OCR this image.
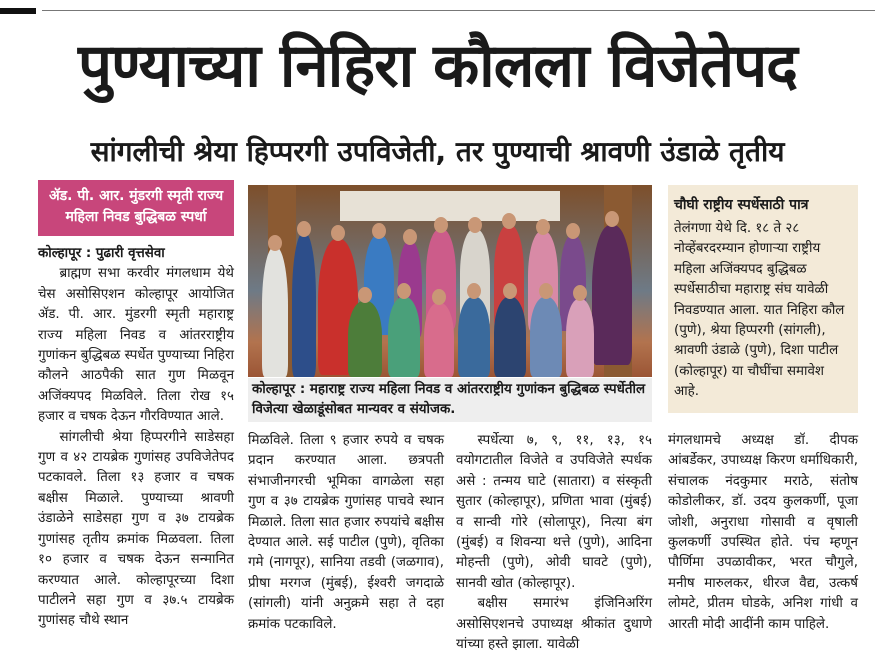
पुण्याच्या निहिरा कौलला विजेतेपद
सांगलीची श्रेया हिप्परगी उपविजेती, तर पुण्याची श्रावणी उंडाळे तृतीय
ॲड. पी. आर. मुंडरगी स्मृती राज्य
महिला निवड बुद्धिबळ स्पर्धा

कोल्हापूर : पुढारी वृत्तसेवा

ब्राह्मण सभा करवीर मंगलधाम येथे चेस असोसिएशन कोल्हापूर आयोजित ॲड. पी. आर. मुंडरगी स्मृती महाराष्ट्र राज्य महिला निवड व आंतरराष्ट्रीय गुणांकन बुद्धिबळ स्पर्धेत पुण्याच्या निहिरा कौलने आठपैकी सात गुण मिळवून अजिंक्यपद मिळविले. तिला रोख १५ हजार व चषक देऊन गौरविण्यात आले.

सांगलीची श्रेया हिप्परगीने साडेसहा गुण व ४२ टायब्रेक गुणांसह उपविजेतेपद पटकावले. तिला १३ हजार व चषक बक्षीस मिळाले. पुण्याच्या श्रावणी उंडाळेने साडेसहा गुण व ३७ टायब्रेक गुणांसह तृतीय क्रमांक मिळवला. तिला १० हजार व चषक देऊन सन्मानित करण्यात आले. कोल्हापूरच्या दिशा पाटीलने सहा गुण व ३७.५ टायब्रेक गुणांसह चौथे स्थान

कोल्हापूर : महाराष्ट्र राज्य महिला निवड व आंतरराष्ट्रीय गुणांकन बुद्धिबळ स्पर्धेतील विजेत्या खेळाडूंसोबत मान्यवर व संयोजक.
चौघी राष्ट्रीय स्पर्धेसाठी पात्र

तेलंगणा येथे दि. १८ ते २८ नोव्हेंबरदरम्यान होणाऱ्या राष्ट्रीय महिला अजिंक्यपद बुद्धिबळ स्पर्धेसाठीचा महाराष्ट्र संघ यावेळी निवडण्यात आला. यात निहिरा कौल (पुणे), श्रेया हिप्परगी (सांगली), श्रावणी उंडाळे (पुणे), दिशा पाटील (कोल्हापूर) या चौघींचा समावेश आहे.

मिळविले. तिला ९ हजार रुपये व चषक प्रदान करण्यात आला. छत्रपती संभाजीनगरची भूमिका वागळेला सहा गुण व ३७ टायब्रेक गुणांसह पाचवे स्थान मिळाले. तिला सात हजार रुपयांचे बक्षीस देण्यात आले. सई पाटील (पुणे), वृतिका गमे (नागपूर), सानिया तडवी (जळगाव), प्रीषा मरगज (मुंबई), ईश्वरी जगदाळे (सांगली) यांनी अनुक्रमे सहा ते दहा क्रमांक पटकाविले.

स्पर्धेत्या ७, ९, ११, १३, १५ वयोगटातील विजेते व उपविजेते स्पर्धक असे : तन्मय घाटे (सातारा) व संस्कृती सुतार (कोल्हापूर), प्रणिता भावा (मुंबई) व सान्वी गोरे (सोलापूर), नित्या बंग (मुंबई) व शिवन्या थत्ते (पुणे), आदिना मोहन्ती (पुणे), ओवी घावटे (पुणे), सानवी खोत (कोल्हापूर).

बक्षीस समारंभ इंजिनिअरिंग असोसिएशनचे उपाध्यक्ष श्रीकांत दुधाणे यांच्या हस्ते झाला. यावेळी

मंगलधामचे अध्यक्ष डॉ. दीपक आंबर्डेकर, उपाध्यक्ष किरण धर्माधिकारी, संचालक नंदकुमार मराठे, संतोष कोडोलीकर, डॉ. उदय कुलकर्णी, पूजा जोशी, अनुराधा गोसावी व वृषाली कुलकर्णी उपस्थित होते. पंच म्हणून पौर्णिमा उपळावीकर, भरत चौगुले, मनीष मारुलकर, धीरज वैद्य, उत्कर्ष लोमटे, प्रीतम घोडके, अनिश गांधी व आरती मोदी आदींनी काम पाहिले.
